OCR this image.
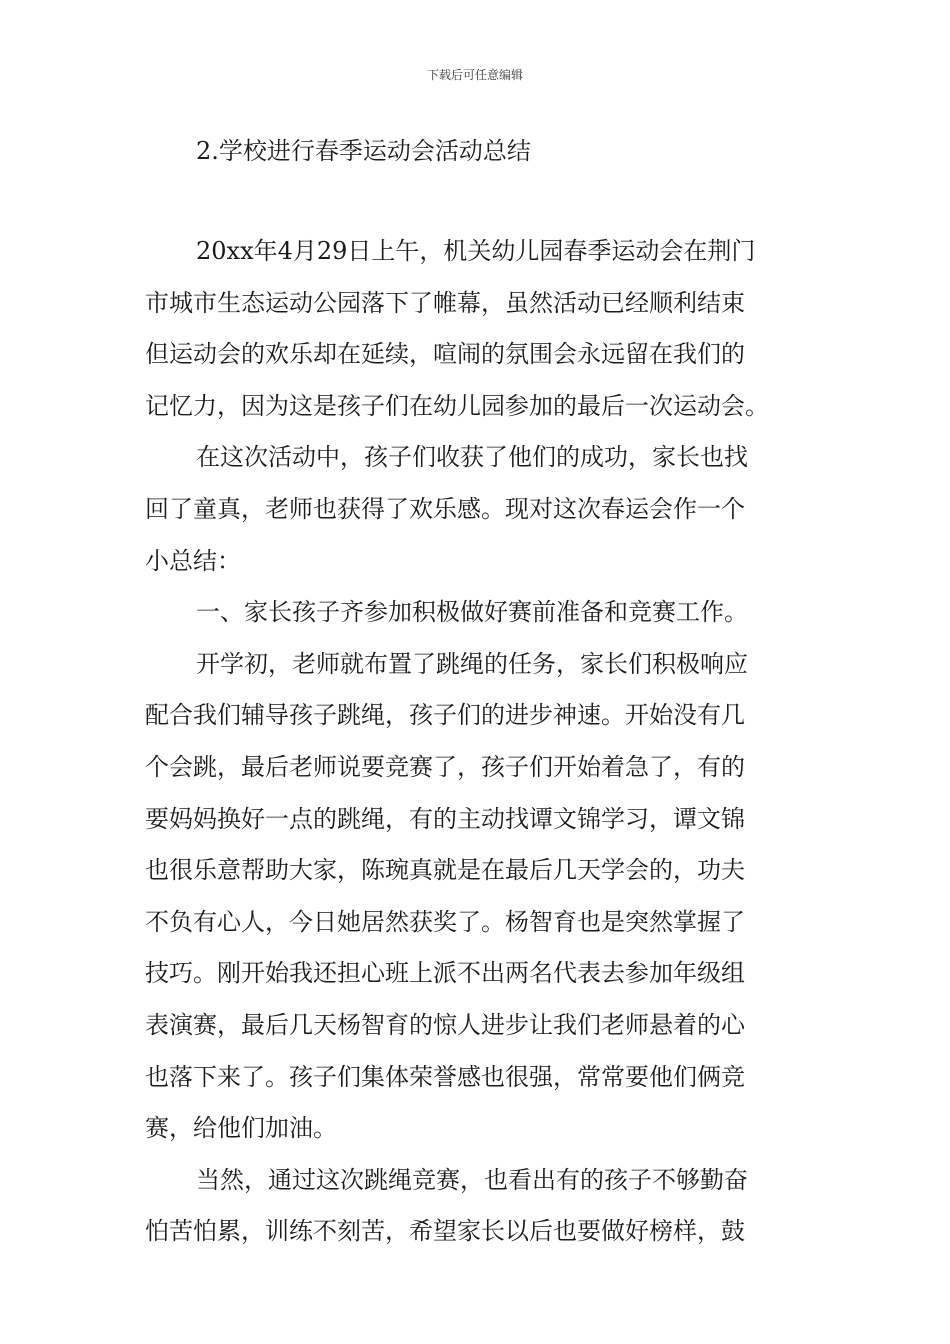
下载后可任意编辑
2.学校进行春季运动会活动总结
20xx年4月29日上午，机关幼儿园春季运动会在荆门
市城市生态运动公园落下了帷幕，虽然活动已经顺利结束
但运动会的欢乐却在延续，喧闹的氛围会永远留在我们的
记忆力，因为这是孩子们在幼儿园参加的最后一次运动会。
在这次活动中，孩子们收获了他们的成功，家长也找
回了童真，老师也获得了欢乐感。现对这次春运会作一个
小总结：
一、家长孩子齐参加积极做好赛前准备和竞赛工作。
开学初，老师就布置了跳绳的任务，家长们积极响应
配合我们辅导孩子跳绳，孩子们的进步神速。开始没有几
个会跳，最后老师说要竞赛了，孩子们开始着急了，有的
要妈妈换好一点的跳绳，有的主动找谭文锦学习，谭文锦
也很乐意帮助大家，陈琬真就是在最后几天学会的，功夫
不负有心人，今日她居然获奖了。杨智育也是突然掌握了
技巧。刚开始我还担心班上派不出两名代表去参加年级组
表演赛，最后几天杨智育的惊人进步让我们老师悬着的心
也落下来了。孩子们集体荣誉感也很强，常常要他们俩竞
赛，给他们加油。
当然，通过这次跳绳竞赛，也看出有的孩子不够勤奋
怕苦怕累，训练不刻苦，希望家长以后也要做好榜样，鼓
